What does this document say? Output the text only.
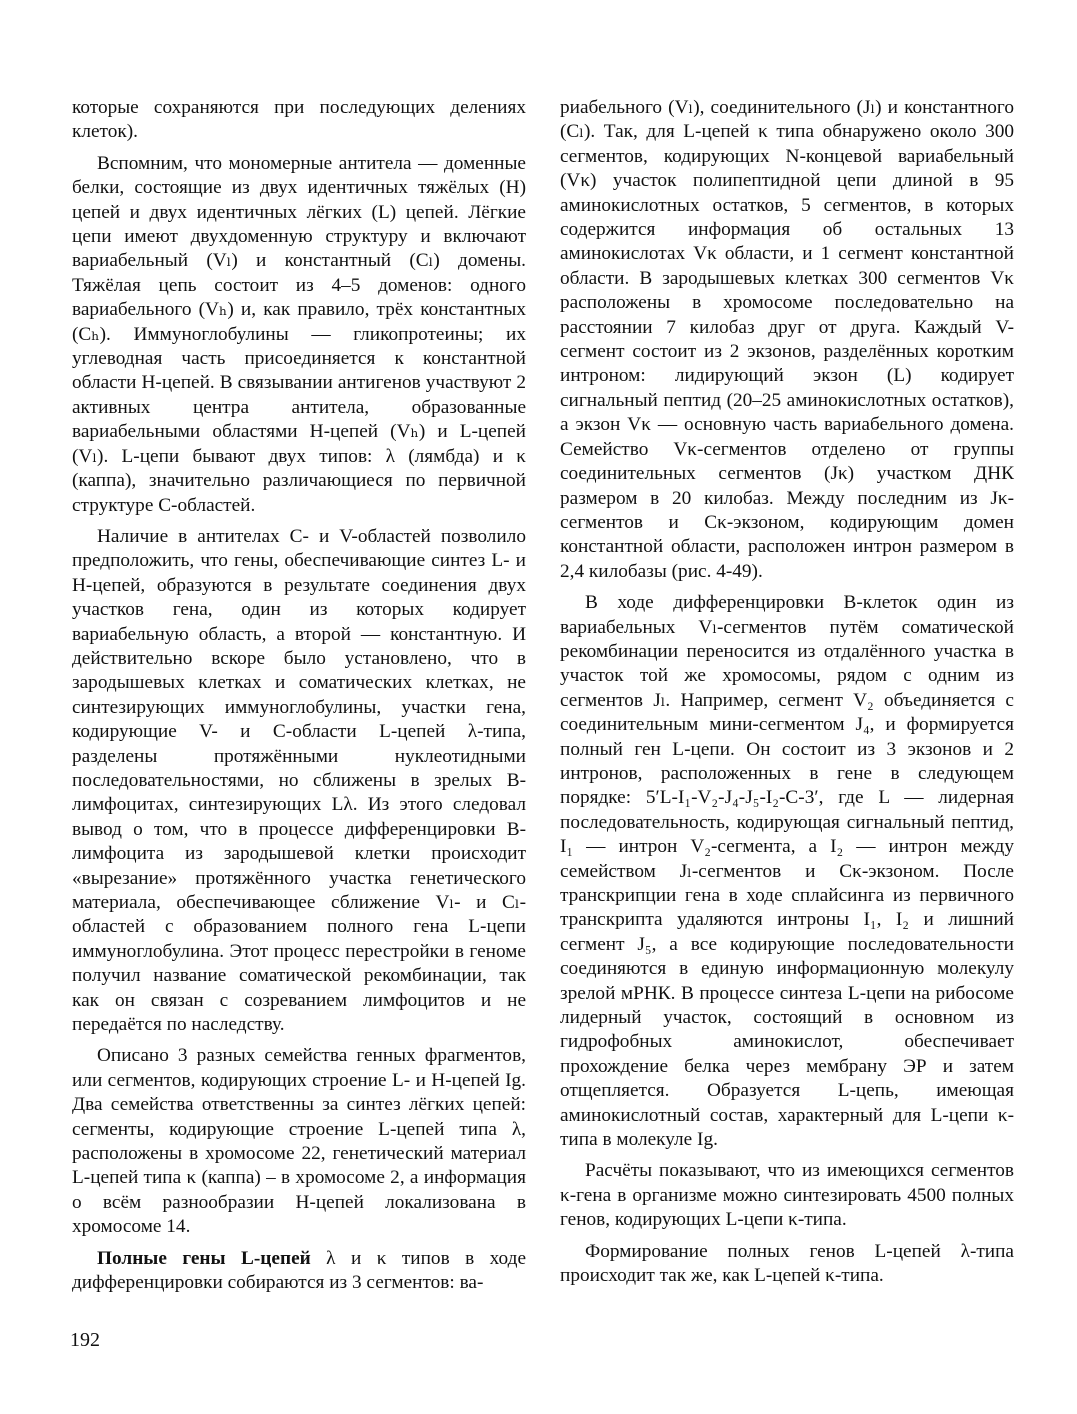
которые сохраняются при последующих делениях клеток).

Вспомним, что мономерные антитела — доменные белки, состоящие из двух идентичных тяжёлых (Н) цепей и двух идентичных лёгких (L) цепей. Лёгкие цепи имеют двухдоменную структуру и включают вариабельный (Vₗ) и константный (Cₗ) домены. Тяжёлая цепь состоит из 4–5 доменов: одного вариабельного (Vₕ) и, как правило, трёх константных (Cₕ). Иммуноглобулины — гликопротеины; их углеводная часть присоединяется к константной области Н-цепей. В связывании антигенов участвуют 2 активных центра антитела, образованные вариабельными областями Н-цепей (Vₕ) и L-цепей (Vₗ). L-цепи бывают двух типов: λ (лямбда) и κ (каппа), значительно различающиеся по первичной структуре С-областей.

Наличие в антителах С- и V-областей позволило предположить, что гены, обеспечивающие синтез L- и Н-цепей, образуются в результате соединения двух участков гена, один из которых кодирует вариабельную область, а второй — константную. И действительно вскоре было установлено, что в зародышевых клетках и соматических клетках, не синтезирующих иммуноглобулины, участки гена, кодирующие V- и С-области L-цепей λ-типа, разделены протяжёнными нуклеотидными последовательностями, но сближены в зрелых В-лимфоцитах, синтезирующих Lλ. Из этого следовал вывод о том, что в процессе дифференцировки В-лимфоцита из зародышевой клетки происходит «вырезание» протяжённого участка генетического материала, обеспечивающее сближение Vₗ- и Cₗ-областей с образованием полного гена L-цепи иммуноглобулина. Этот процесс перестройки в геноме получил название соматической рекомбинации, так как он связан с созреванием лимфоцитов и не передаётся по наследству.

Описано 3 разных семейства генных фрагментов, или сегментов, кодирующих строение L- и Н-цепей Ig. Два семейства ответственны за синтез лёгких цепей: сегменты, кодирующие строение L-цепей типа λ, расположены в хромосоме 22, генетический материал L-цепей типа κ (каппа) – в хромосоме 2, а информация о всём разнообразии Н-цепей локализована в хромосоме 14.

Полные гены L-цепей λ и κ типов в ходе дифференцировки собираются из 3 сегментов: ва-

риабельного (Vₗ), соединительного (Jₗ) и константного (Cₗ). Так, для L-цепей κ типа обнаружено около 300 сегментов, кодирующих N-концевой вариабельный (Vκ) участок полипептидной цепи длиной в 95 аминокислотных остатков, 5 сегментов, в которых содержится информация об остальных 13 аминокислотах Vκ области, и 1 сегмент константной области. В зародышевых клетках 300 сегментов Vκ расположены в хромосоме последовательно на расстоянии 7 килобаз друг от друга. Каждый V-сегмент состоит из 2 экзонов, разделённых коротким интроном: лидирующий экзон (L) кодирует сигнальный пептид (20–25 аминокислотных остатков), а экзон Vκ — основную часть вариабельного домена. Семейство Vκ-сегментов отделено от группы соединительных сегментов (Jκ) участком ДНК размером в 20 килобаз. Между последним из Jκ-сегментов и Cκ-экзоном, кодирующим домен константной области, расположен интрон размером в 2,4 килобазы (рис. 4-49).

В ходе дифференцировки В-клеток один из вариабельных Vₗ-сегментов путём соматической рекомбинации переносится из отдалённого участка в участок той же хромосомы, рядом с одним из сегментов Jₗ. Например, сегмент V₂ объединяется с соединительным мини-сегментом J₄, и формируется полный ген L-цепи. Он состоит из 3 экзонов и 2 интронов, расположенных в гене в следующем порядке: 5′L-I₁-V₂-J₄-J₅-I₂-C-3′, где L — лидерная последовательность, кодирующая сигнальный пептид, I₁ — интрон V₂-сегмента, а I₂ — интрон между семейством Jₗ-сегментов и Cκ-экзоном. После транскрипции гена в ходе сплайсинга из первичного транскрипта удаляются интроны I₁, I₂ и лишний сегмент J₅, а все кодирующие последовательности соединяются в единую информационную молекулу зрелой мРНК. В процессе синтеза L-цепи на рибосоме лидерный участок, состоящий в основном из гидрофобных аминокислот, обеспечивает прохождение белка через мембрану ЭР и затем отщепляется. Образуется L-цепь, имеющая аминокислотный состав, характерный для L-цепи κ-типа в молекуле Ig.

Расчёты показывают, что из имеющихся сегментов κ-гена в организме можно синтезировать 4500 полных генов, кодирующих L-цепи κ-типа.

Формирование полных генов L-цепей λ-типа происходит так же, как L-цепей κ-типа.

192
